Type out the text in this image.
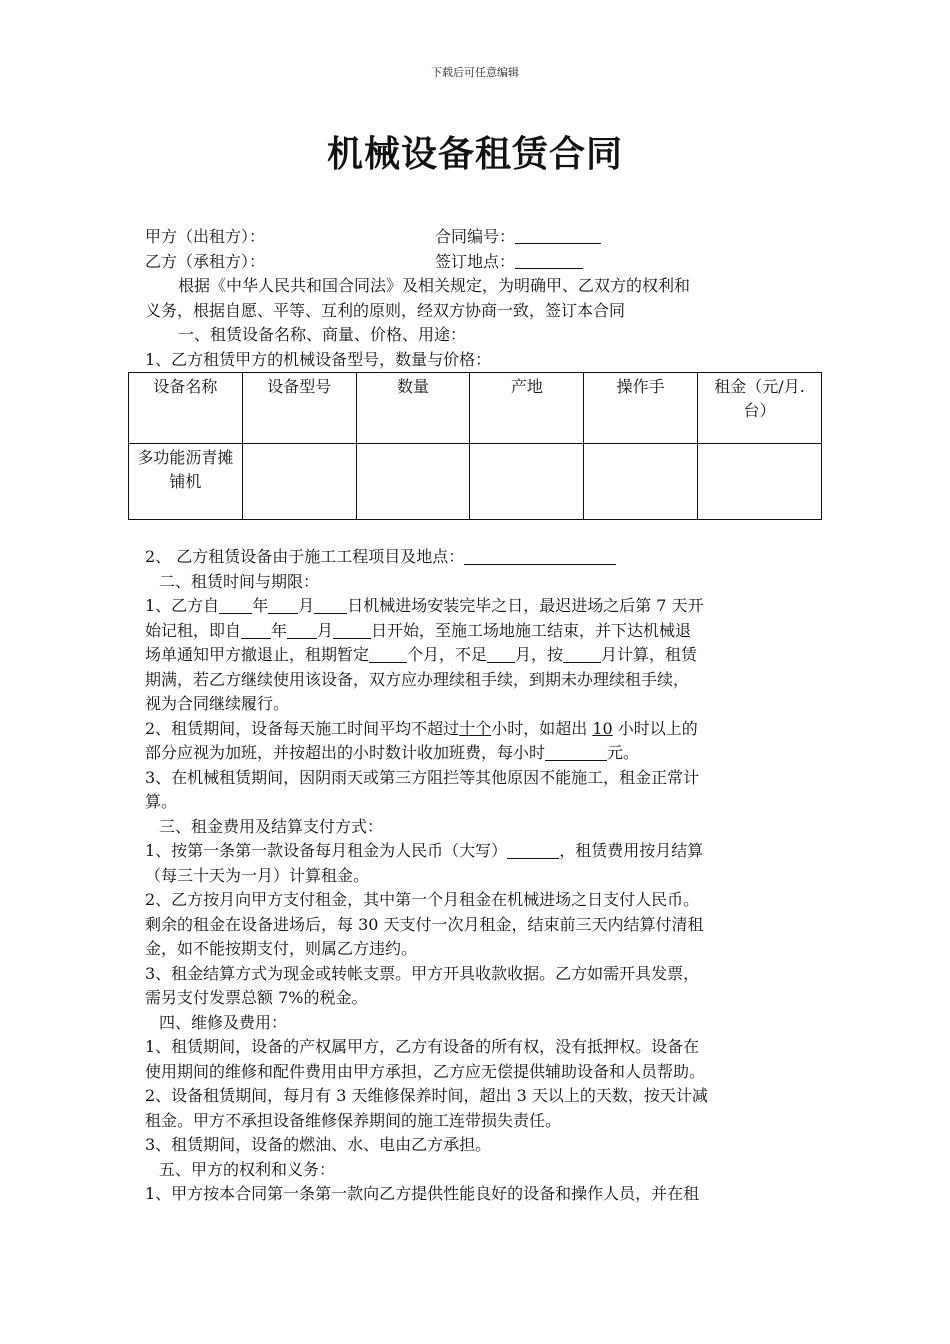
下载后可任意编辑
机械设备租赁合同
甲方（出租方）：	合同编号：
乙方（承租方）：	签订地点：

根据《中华人民共和国合同法》及相关规定，为明确甲、乙双方的权利和

义务，根据自愿、平等、互利的原则，经双方协商一致，签订本合同

一、租赁设备名称、商量、价格、用途：

1、乙方租赁甲方的机械设备型号，数量与价格：

2、 乙方租赁设备由于施工工程项目及地点：

二、租赁时间与期限：

1、乙方自 年 月 日机械进场安装完毕之日，最迟进场之后第 7 天开
始记租，即自 年 月 日开始，至施工场地施工结束，并下达机械退
场单通知甲方撤退止，租期暂定 个月，不足 月，按 月计算，租赁
期满，若乙方继续使用该设备，双方应办理续租手续，到期未办理续租手续，
视为合同继续履行。

2、租赁期间，设备每天施工时间平均不超过十个小时，如超出 10 小时以上的
部分应视为加班，并按超出的小时数计收加班费，每小时	元。

3、在机械租赁期间，因阴雨天或第三方阻拦等其他原因不能施工，租金正常计
算。

三、租金费用及结算支付方式：

1、按第一条第一款设备每月租金为人民币（大写）	，租赁费用按月结算
（每三十天为一月）计算租金。

2、乙方按月向甲方支付租金，其中第一个月租金在机械进场之日支付人民币。
剩余的租金在设备进场后，每 30 天支付一次月租金，结束前三天内结算付清租
金，如不能按期支付，则属乙方违约。

3、租金结算方式为现金或转帐支票。甲方开具收款收据。乙方如需开具发票，
需另支付发票总额 7%的税金。

四、维修及费用：

1、租赁期间，设备的产权属甲方，乙方有设备的所有权，没有抵押权。设备在
使用期间的维修和配件费用由甲方承担，乙方应无偿提供辅助设备和人员帮助。

2、设备租赁期间，每月有 3 天维修保养时间，超出 3 天以上的天数，按天计减
租金。甲方不承担设备维修保养期间的施工连带损失责任。

3、租赁期间，设备的燃油、水、电由乙方承担。

五、甲方的权利和义务：

1、甲方按本合同第一条第一款向乙方提供性能良好的设备和操作人员，并在租

设备名称	设备型号	数量	产地	操作手	租金（元/月.台）
多功能沥青摊铺机					
